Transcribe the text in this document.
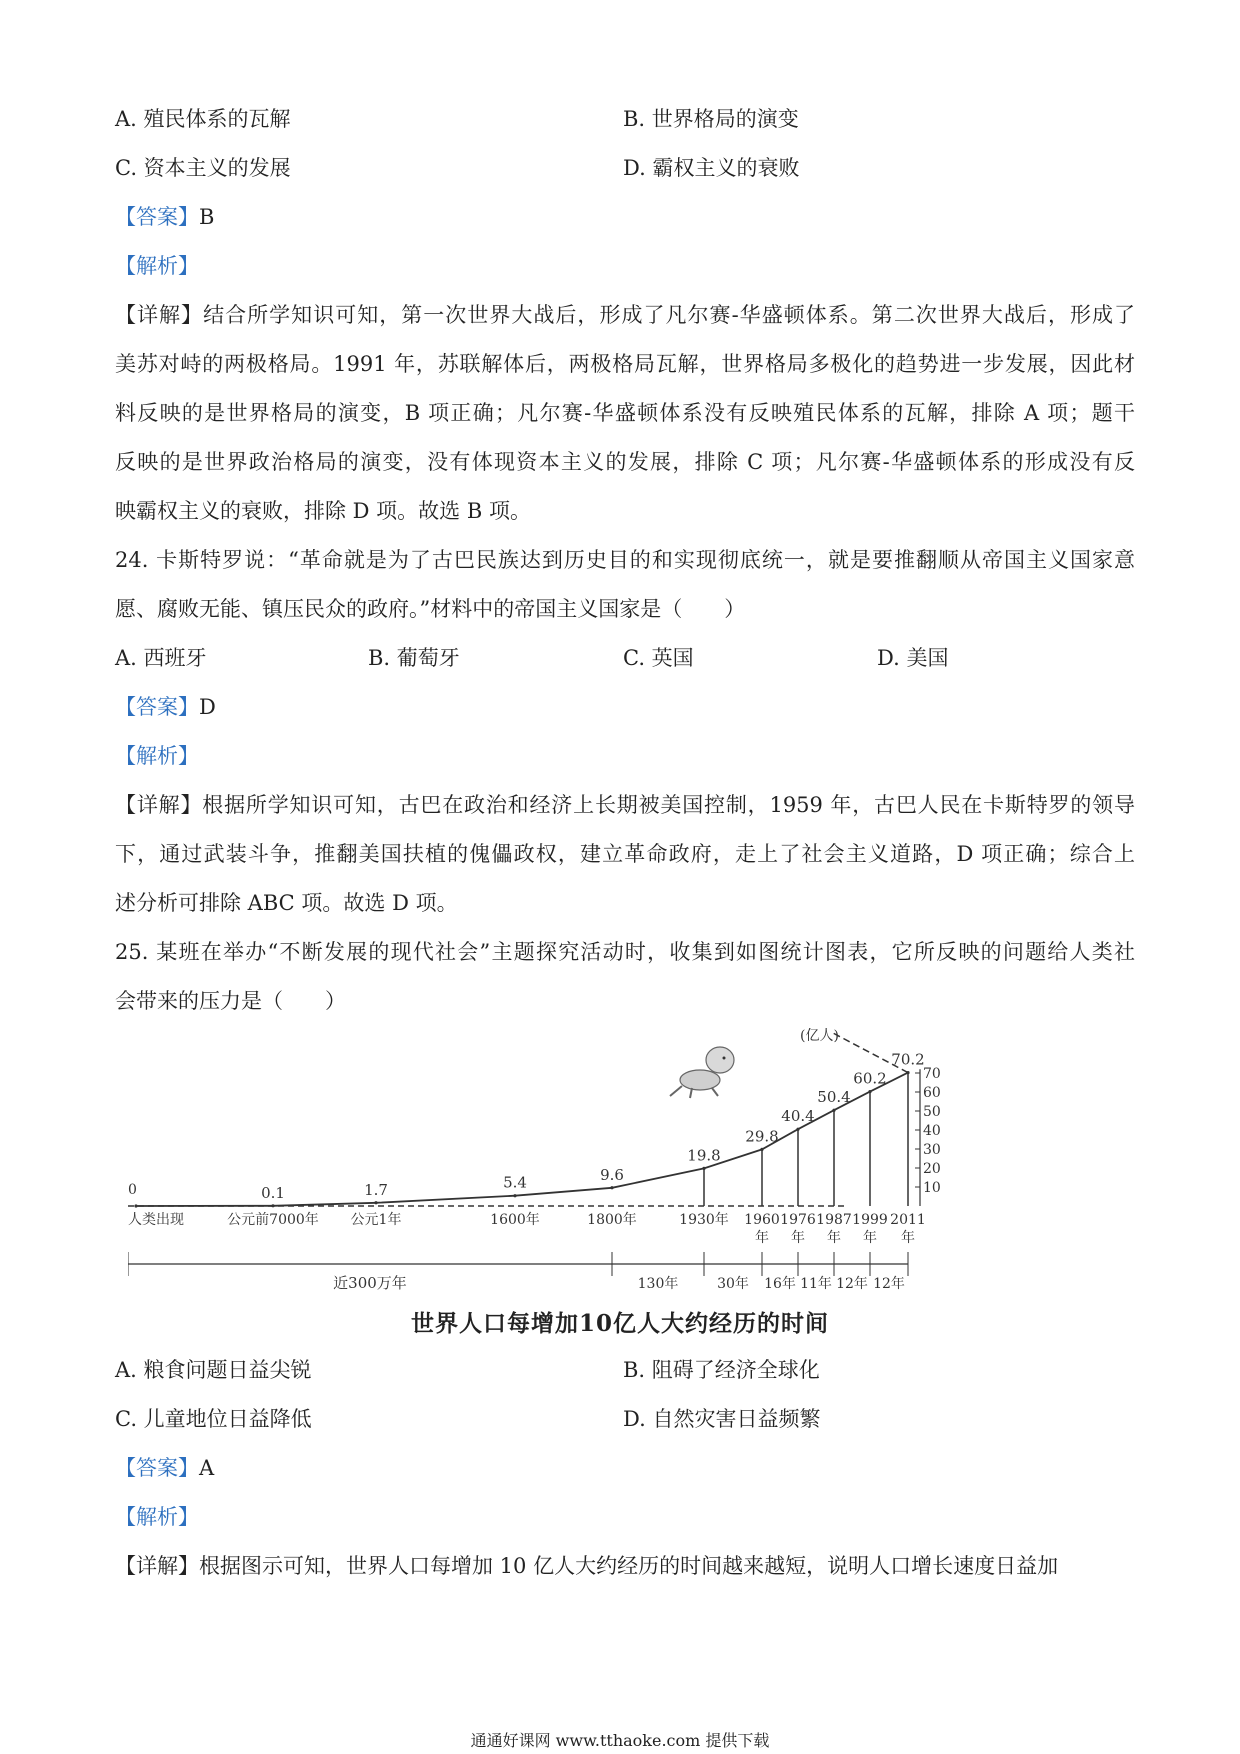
A. 殖民体系的瓦解	B. 世界格局的演变
C. 资本主义的发展	D. 霸权主义的衰败
【答案】B
【解析】
【详解】结合所学知识可知，第一次世界大战后，形成了凡尔赛-华盛顿体系。第二次世界大战后，形成了
美苏对峙的两极格局。1991 年，苏联解体后，两极格局瓦解，世界格局多极化的趋势进一步发展，因此材
料反映的是世界格局的演变，B 项正确；凡尔赛-华盛顿体系没有反映殖民体系的瓦解，排除 A 项；题干
反映的是世界政治格局的演变，没有体现资本主义的发展，排除 C 项；凡尔赛-华盛顿体系的形成没有反
映霸权主义的衰败，排除 D 项。故选 B 项。
24. 卡斯特罗说：“革命就是为了古巴民族达到历史目的和实现彻底统一，就是要推翻顺从帝国主义国家意
愿、腐败无能、镇压民众的政府。”材料中的帝国主义国家是（　　）
A. 西班牙	B. 葡萄牙	C. 英国	D. 美国
【答案】D
【解析】
【详解】根据所学知识可知，古巴在政治和经济上长期被美国控制，1959 年，古巴人民在卡斯特罗的领导
下，通过武装斗争，推翻美国扶植的傀儡政权，建立革命政府，走上了社会主义道路，D 项正确；综合上
述分析可排除 ABC 项。故选 D 项。
25. 某班在举办“不断发展的现代社会”主题探究活动时，收集到如图统计图表，它所反映的问题给人类社
会带来的压力是（　　）
0
人类出现
0.1
公元前7000年
1.7
公元1年
5.4
1600年
9.6
1800年
19.8
1930年
29.8
1960
年
40.4
1976
年
50.4
1987
年
60.2
1999
年
70.2
2011
年
10
20
30
40
50
60
70
(亿人)
近300万年	130年	30年 16年 11年 12年 12年
世界人口每增加10亿人大约经历的时间
A. 粮食问题日益尖锐	B. 阻碍了经济全球化
C. 儿童地位日益降低	D. 自然灾害日益频繁
【答案】A
【解析】
【详解】根据图示可知，世界人口每增加 10 亿人大约经历的时间越来越短，说明人口增长速度日益加
通通好课网 www.tthaoke.com 提供下载
